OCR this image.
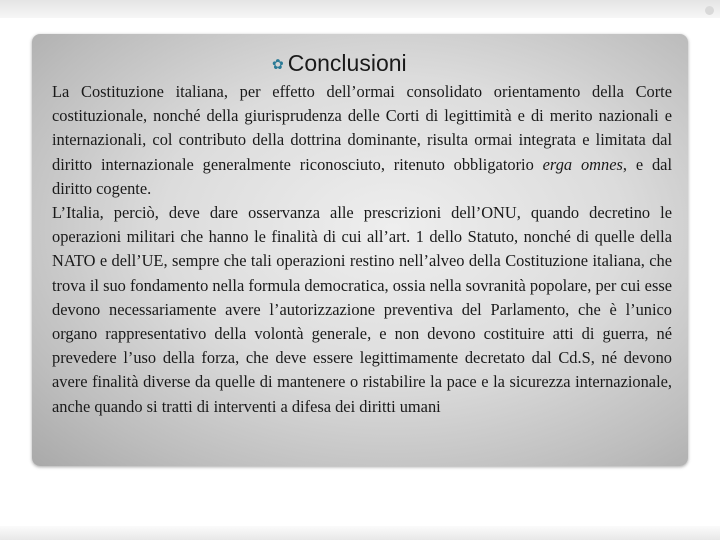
✿ Conclusioni

La Costituzione italiana, per effetto dell’ormai consolidato orientamento della Corte costituzionale, nonché della giurisprudenza delle Corti di legittimità e di merito nazionali e internazionali, col contributo della dottrina dominante, risulta ormai integrata e limitata dal diritto internazionale generalmente riconosciuto, ritenuto obbligatorio erga omnes, e dal diritto cogente.

L’Italia, perciò, deve dare osservanza alle prescrizioni dell’ONU, quando decretino le operazioni militari che hanno le finalità di cui all’art. 1 dello Statuto, nonché di quelle della NATO e dell’UE, sempre che tali operazioni restino nell’alveo della Costituzione italiana, che trova il suo fondamento nella formula democratica, ossia nella sovranità popolare, per cui esse devono necessariamente avere l’autorizzazione preventiva del Parlamento, che è l’unico organo rappresentativo della volontà generale, e non devono costituire atti di guerra, né prevedere l’uso della forza, che deve essere legittimamente decretato dal Cd.S, né devono avere finalità diverse da quelle di mantenere o ristabilire la pace e la sicurezza internazionale, anche quando si tratti di interventi a difesa dei diritti umani
